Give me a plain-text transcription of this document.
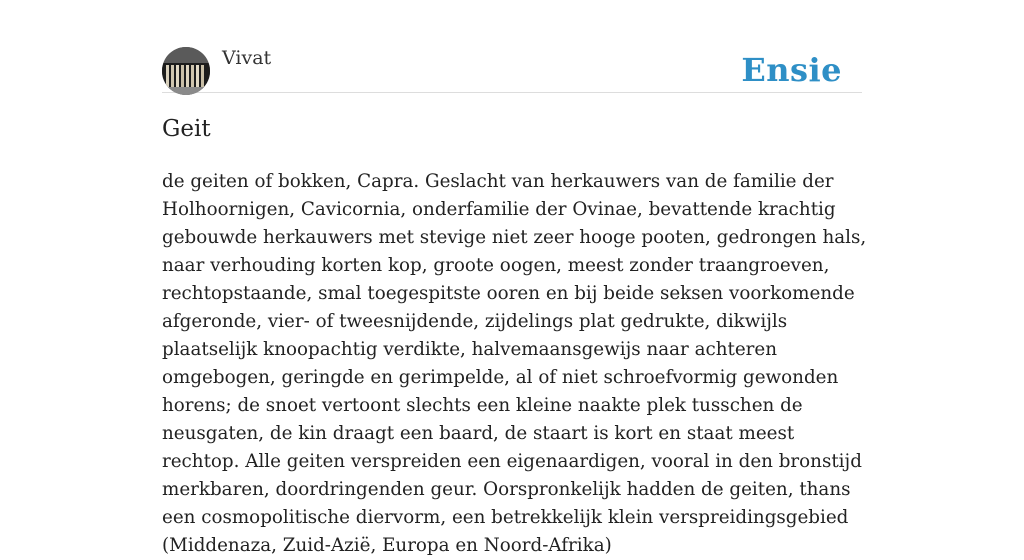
Vivat	Ensie
Geit

de geiten of bokken, Capra. Geslacht van herkauwers van de familie der Holhoornigen, Cavicornia, onderfamilie der Ovinae, bevattende krachtig gebouwde herkauwers met stevige niet zeer hooge pooten, gedrongen hals, naar verhouding korten kop, groote oogen, meest zonder traangroeven, rechtopstaande, smal toegespitste ooren en bij beide seksen voorkomende afgeronde, vier- of tweesnijdende, zijdelings plat gedrukte, dikwijls plaatselijk knoopachtig verdikte, halvemaansgewijs naar achteren omgebogen, geringde en gerimpelde, al of niet schroefvormig gewonden horens; de snoet vertoont slechts een kleine naakte plek tusschen de neusgaten, de kin draagt een baard, de staart is kort en staat meest rechtop. Alle geiten verspreiden een eigenaardigen, vooral in den bronstijd merkbaren, doordringenden geur. Oorspronkelijk hadden de geiten, thans een cosmopolitische diervorm, een betrekkelijk klein verspreidingsgebied (Middenaza, Zuid-Azië, Europa en Noord-Afrika)
